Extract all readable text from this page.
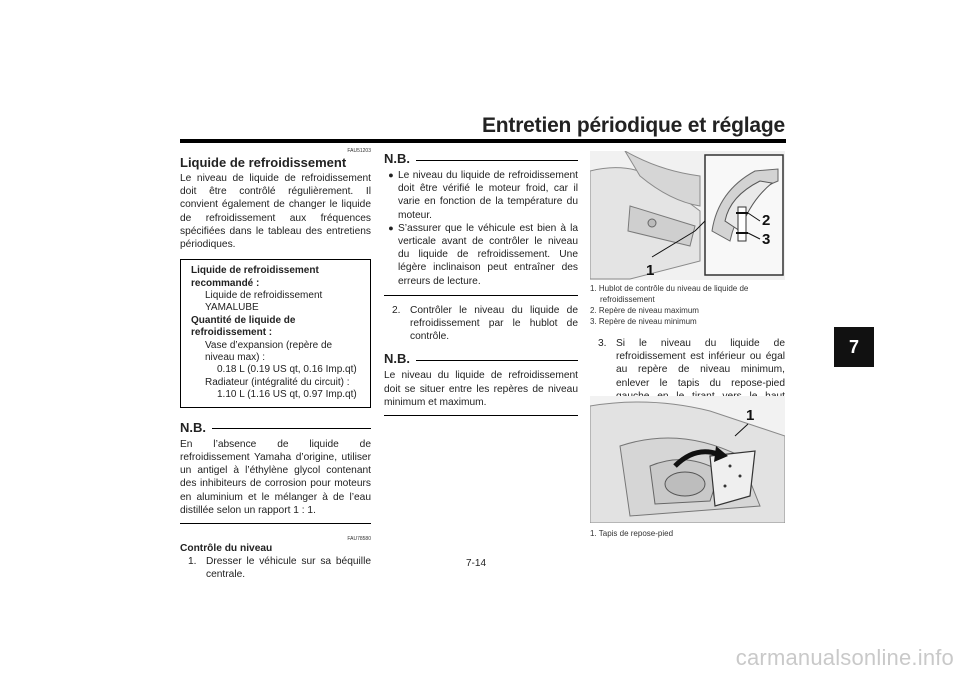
Entretien périodique et réglage
7
FAU51203
Liquide de refroidissement
Le niveau de liquide de refroidissement doit être contrôlé régulièrement. Il convient également de changer le liquide de refroidissement aux fréquences spécifiées dans le tableau des entretiens périodiques.
Liquide de refroidissement recommandé :
Liquide de refroidissement YAMALUBE
Quantité de liquide de refroidissement :
Vase d’expansion (repère de niveau max) :
0.18 L (0.19 US qt, 0.16 Imp.qt)
Radiateur (intégralité du circuit) :
1.10 L (1.16 US qt, 0.97 Imp.qt)
N.B.
En l’absence de liquide de refroidissement Yamaha d’origine, utiliser un antigel à l’éthylène glycol contenant des inhibiteurs de corrosion pour moteurs en aluminium et le mélanger à de l’eau distillée selon un rapport 1 : 1.
FAU78580
Contrôle du niveau
1. Dresser le véhicule sur sa béquille centrale.
N.B.
● Le niveau du liquide de refroidissement doit être vérifié le moteur froid, car il varie en fonction de la température du moteur.
● S’assurer que le véhicule est bien à la verticale avant de contrôler le niveau du liquide de refroidissement. Une légère inclinaison peut entraîner des erreurs de lecture.
2. Contrôler le niveau du liquide de refroidissement par le hublot de contrôle.
N.B.
Le niveau du liquide de refroidissement doit se situer entre les repères de niveau minimum et maximum.
1
2
3
1. Hublot de contrôle du niveau de liquide de refroidissement
2. Repère de niveau maximum
3. Repère de niveau minimum
3. Si le niveau du liquide de refroidissement est inférieur ou égal au repère de niveau minimum, enlever le tapis du repose-pied
1
1. Tapis de repose-pied
7-14
carmanualsonline.info
